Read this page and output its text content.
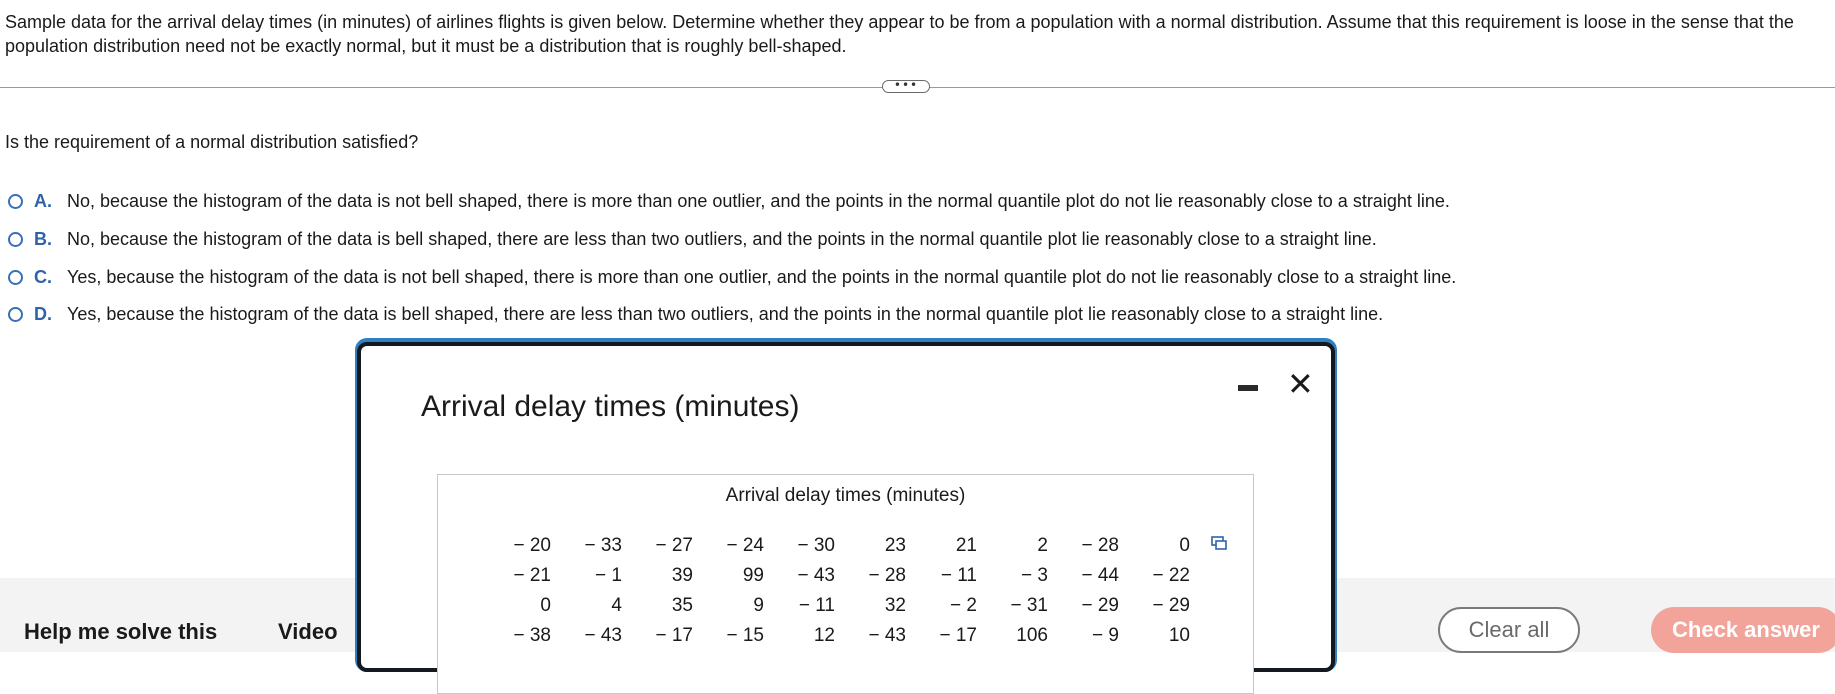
Sample data for the arrival delay times (in minutes) of airlines flights is given below. Determine whether they appear to be from a population with a normal distribution. Assume that this requirement is loose in the sense that the population distribution need not be exactly normal, but it must be a distribution that is roughly bell-shaped.
•••
Is the requirement of a normal distribution satisfied?
A. No, because the histogram of the data is not bell shaped, there is more than one outlier, and the points in the normal quantile plot do not lie reasonably close to a straight line.
B. No, because the histogram of the data is bell shaped, there are less than two outliers, and the points in the normal quantile plot lie reasonably close to a straight line.
C. Yes, because the histogram of the data is not bell shaped, there is more than one outlier, and the points in the normal quantile plot do not lie reasonably close to a straight line.
D. Yes, because the histogram of the data is bell shaped, there are less than two outliers, and the points in the normal quantile plot lie reasonably close to a straight line.
Help me solve this	Video	Clear all	Check answer
Arrival delay times (minutes)
✕
Arrival delay times (minutes)
− 20	− 33	− 27	− 24	− 30	23	21	2	− 28	0
− 21	− 1	39	99	− 43	− 28	− 11	− 3	− 44	− 22
0	4	35	9	− 11	32	− 2	− 31	− 29	− 29
− 38	− 43	− 17	− 15	12	− 43	− 17	106	− 9	10
